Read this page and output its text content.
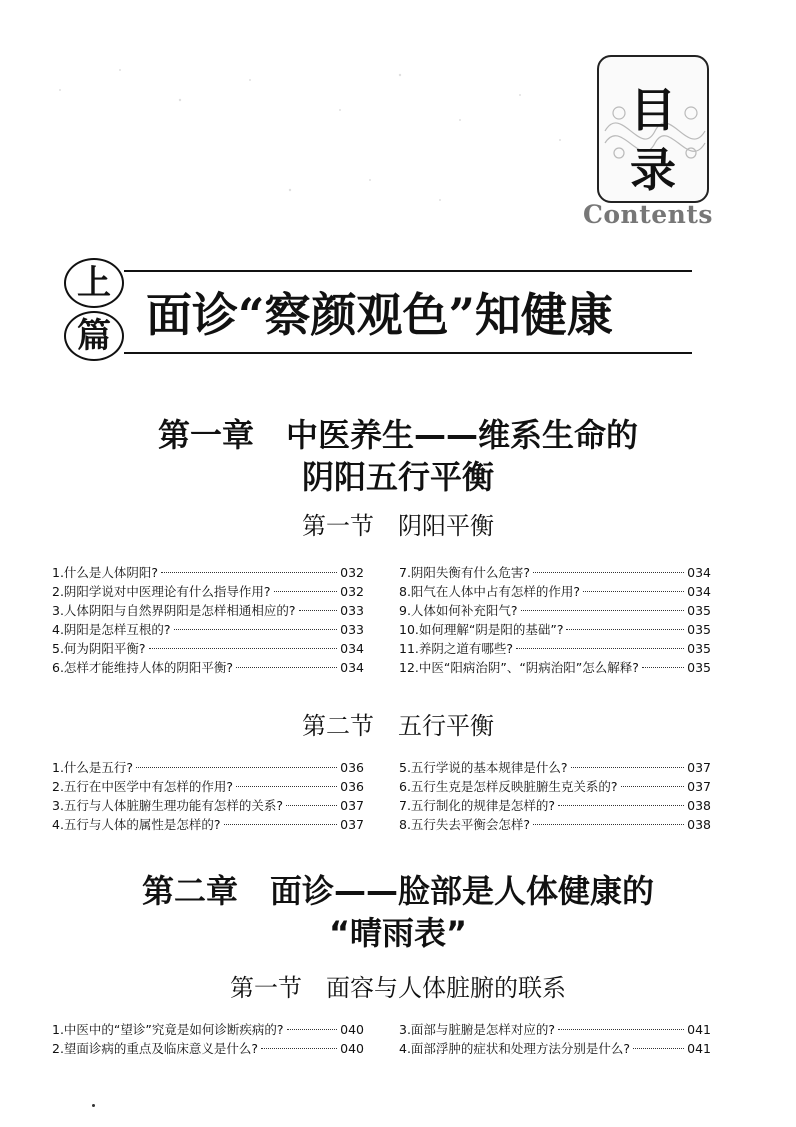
目
录
Contents
上
篇 面诊“察颜观色”知健康
第一章　中医养生——维系生命的
阴阳五行平衡
第一节　阴阳平衡
1.什么是人体阴阳?	032
2.阴阳学说对中医理论有什么指导作用?	032
3.人体阴阳与自然界阴阳是怎样相通相应的?	033
4.阴阳是怎样互根的?	033
5.何为阴阳平衡?	034
6.怎样才能维持人体的阴阳平衡?	034
7.阴阳失衡有什么危害?	034
8.阳气在人体中占有怎样的作用?	034
9.人体如何补充阳气?	035
10.如何理解“阴是阳的基础”?	035
11.养阴之道有哪些?	035
12.中医“阳病治阴”、“阴病治阳”怎么解释?	035
第二节　五行平衡
1.什么是五行?	036
2.五行在中医学中有怎样的作用?	036
3.五行与人体脏腑生理功能有怎样的关系?	037
4.五行与人体的属性是怎样的?	037
5.五行学说的基本规律是什么?	037
6.五行生克是怎样反映脏腑生克关系的?	037
7.五行制化的规律是怎样的?	038
8.五行失去平衡会怎样?	038
第二章　面诊——脸部是人体健康的
“晴雨表”
第一节　面容与人体脏腑的联系
1.中医中的“望诊”究竟是如何诊断疾病的?	040
2.望面诊病的重点及临床意义是什么?	040
3.面部与脏腑是怎样对应的?	041
4.面部浮肿的症状和处理方法分别是什么?	041
